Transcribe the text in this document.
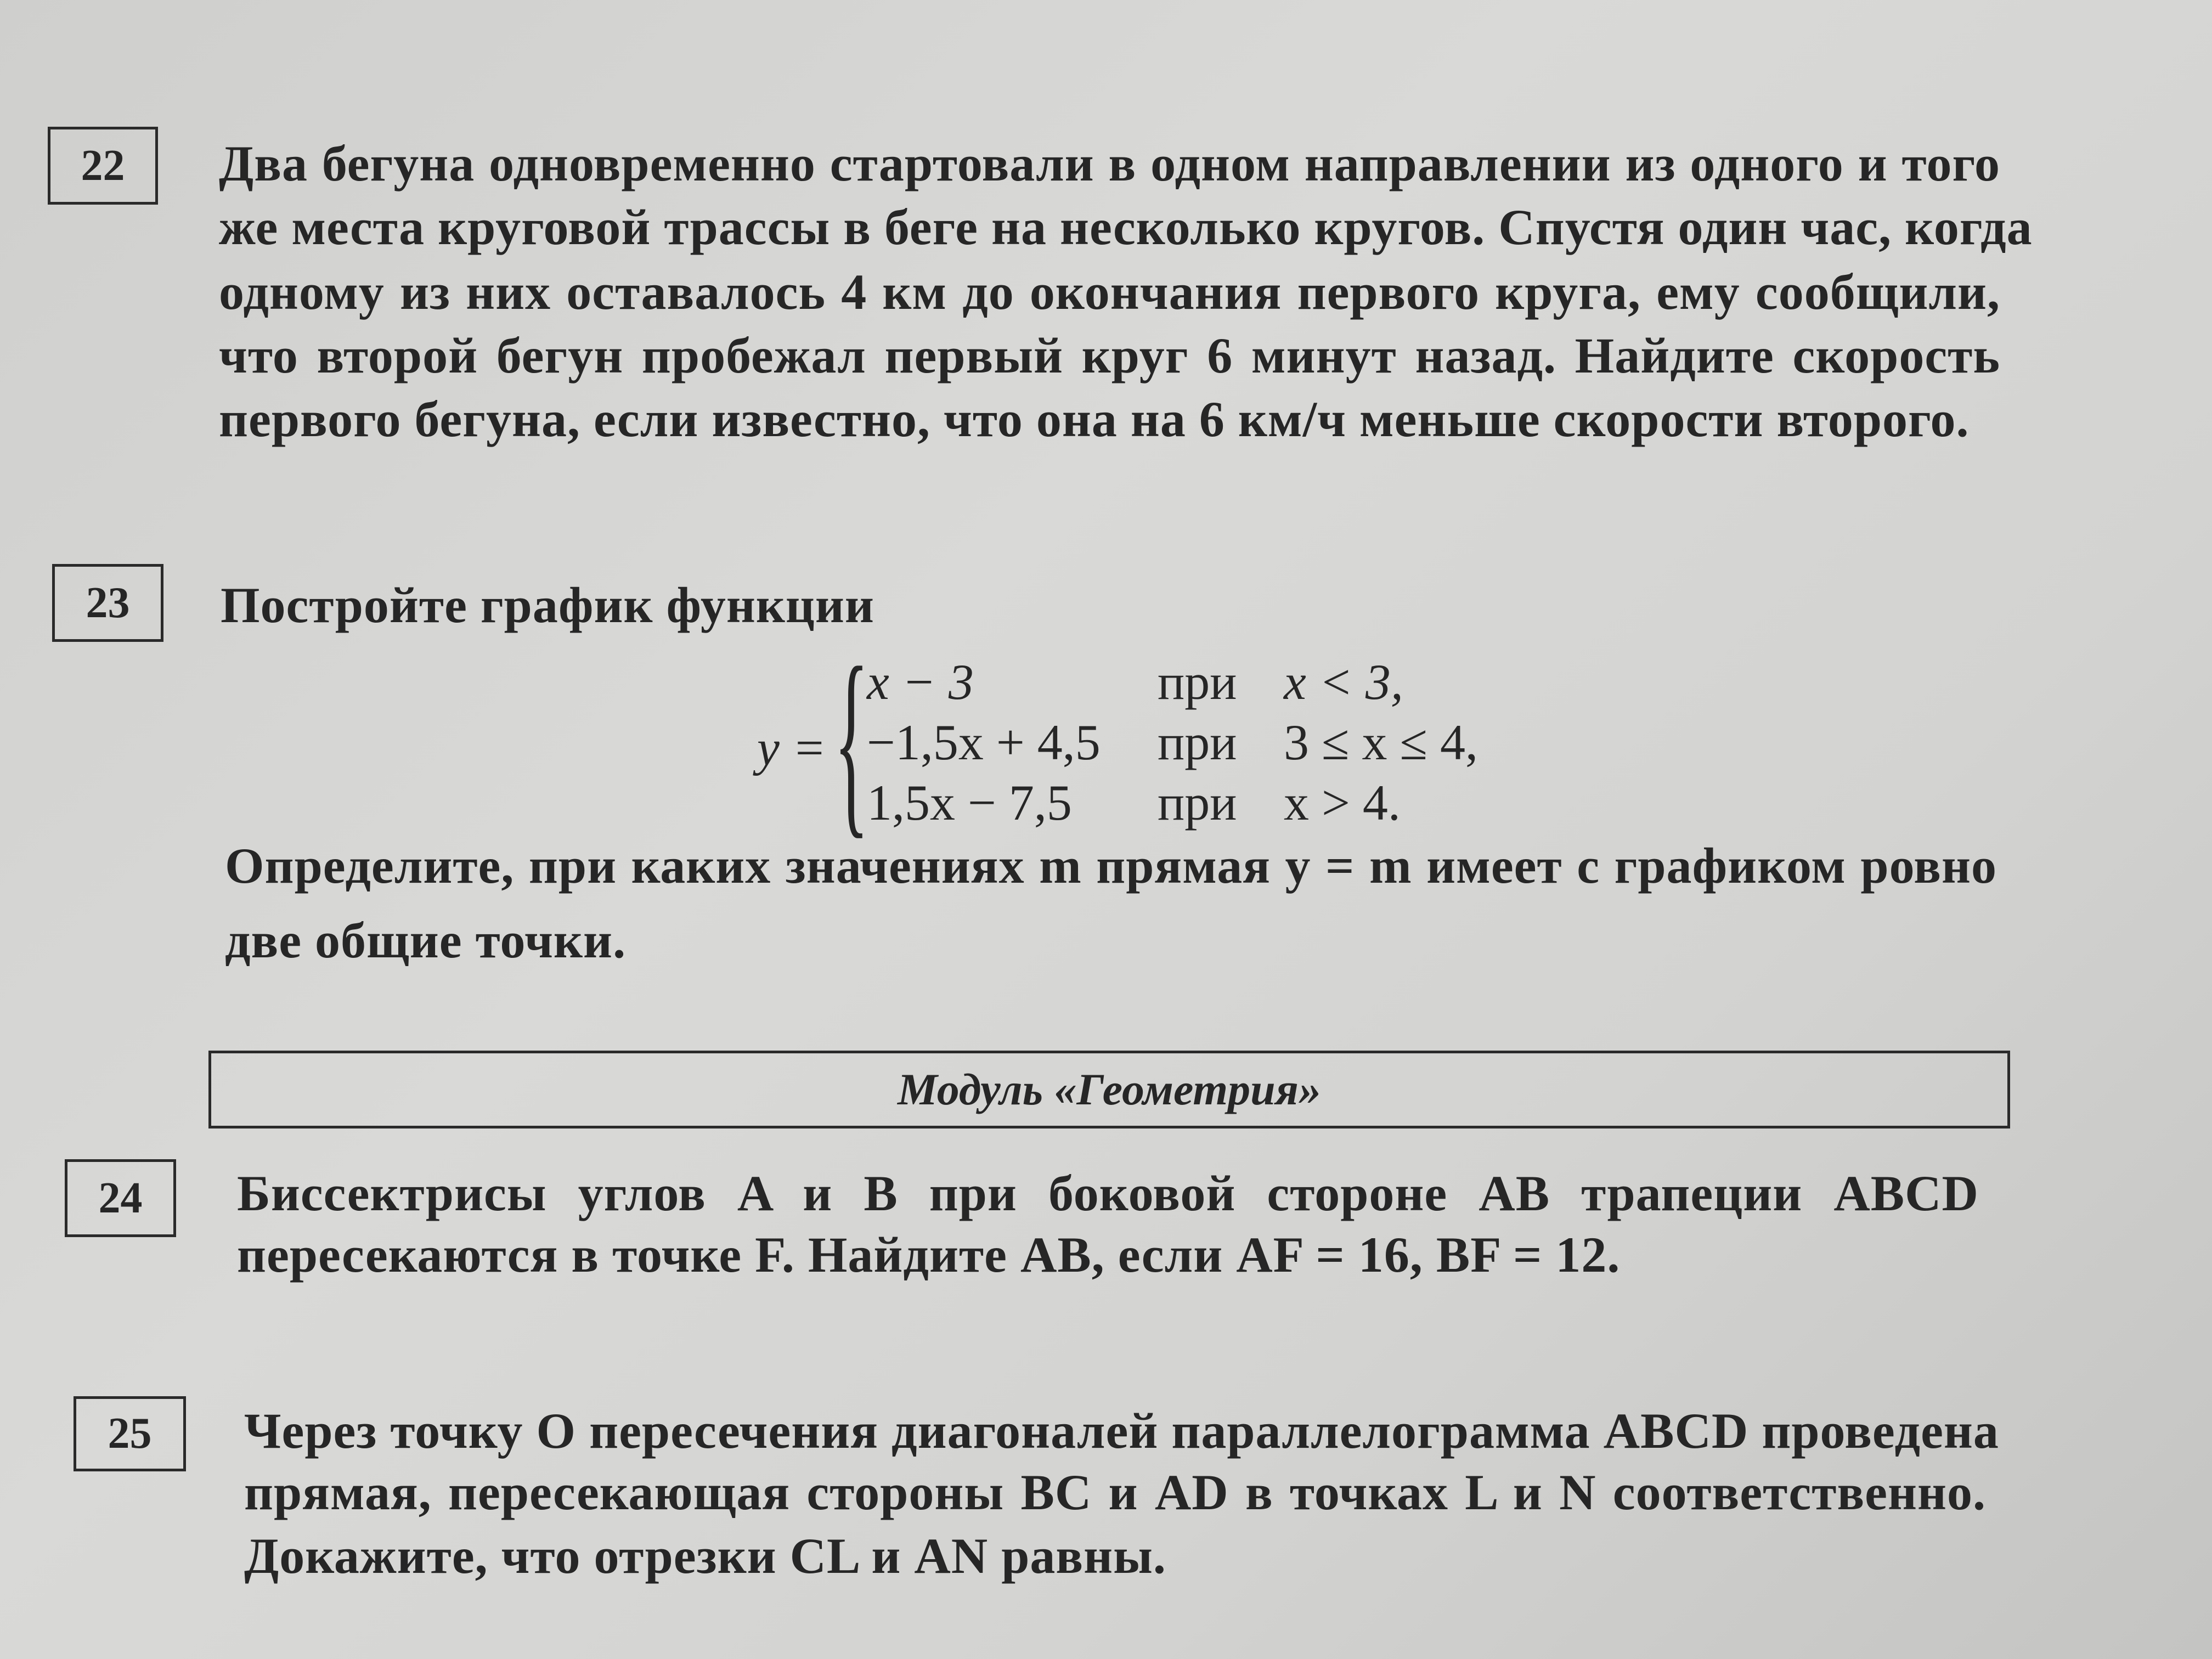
22	Два бегуна одновременно стартовали в одном направлении из одного и того
же места круговой трассы в беге на несколько кругов. Спустя один час, когда
одному из них оставалось 4 км до окончания первого круга, ему сообщили,
что второй бегун пробежал первый круг 6 минут назад. Найдите скорость
первого бегуна, если известно, что она на 6 км/ч меньше скорости второго.
23	Постройте график функции
y = {
x − 3	при x < 3,
−1,5x + 4,5 при 3 ≤ x ≤ 4,
1,5x − 7,5 при x > 4.
Определите, при каких значениях m прямая y = m имеет с графиком ровно
две общие точки.
Модуль «Геометрия»
24	Биссектрисы углов A и B при боковой стороне AB трапеции ABCD
пересекаются в точке F. Найдите AB, если AF = 16, BF = 12.
25	Через точку O пересечения диагоналей параллелограмма ABCD проведена
прямая, пересекающая стороны BC и AD в точках L и N соответственно.
Докажите, что отрезки CL и AN равны.
